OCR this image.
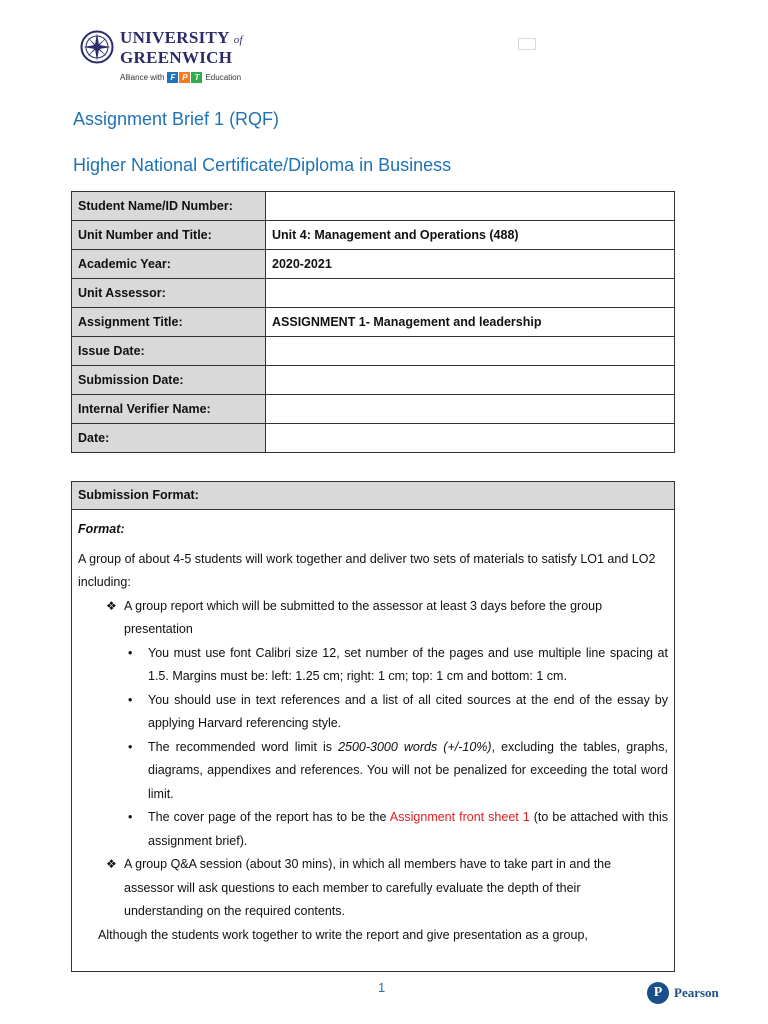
UNIVERSITY of
GREENWICH
Alliance with F P T Education
Assignment Brief 1 (RQF)
Higher National Certificate/Diploma in Business
Student Name/ID Number:	
Unit Number and Title:	Unit 4: Management and Operations (488)
Academic Year:	2020-2021
Unit Assessor:	
Assignment Title:	ASSIGNMENT 1- Management and leadership
Issue Date:	
Submission Date:	
Internal Verifier Name:	
Date:	
Submission Format:

Format:

A group of about 4-5 students will work together and deliver two sets of materials to satisfy LO1 and LO2 including:

❖ A group report which will be submitted to the assessor at least 3 days before the group presentation
• You must use font Calibri size 12, set number of the pages and use multiple line spacing at 1.5. Margins must be: left: 1.25 cm; right: 1 cm; top: 1 cm and bottom: 1 cm.
• You should use in text references and a list of all cited sources at the end of the essay by applying Harvard referencing style.
• The recommended word limit is 2500-3000 words (+/-10%), excluding the tables, graphs, diagrams, appendixes and references. You will not be penalized for exceeding the total word limit.
• The cover page of the report has to be the Assignment front sheet 1 (to be attached with this assignment brief).
❖ A group Q&A session (about 30 mins), in which all members have to take part in and the assessor will ask questions to each member to carefully evaluate the depth of their understanding on the required contents.

Although the students work together to write the report and give presentation as a group,

1	P Pearson
